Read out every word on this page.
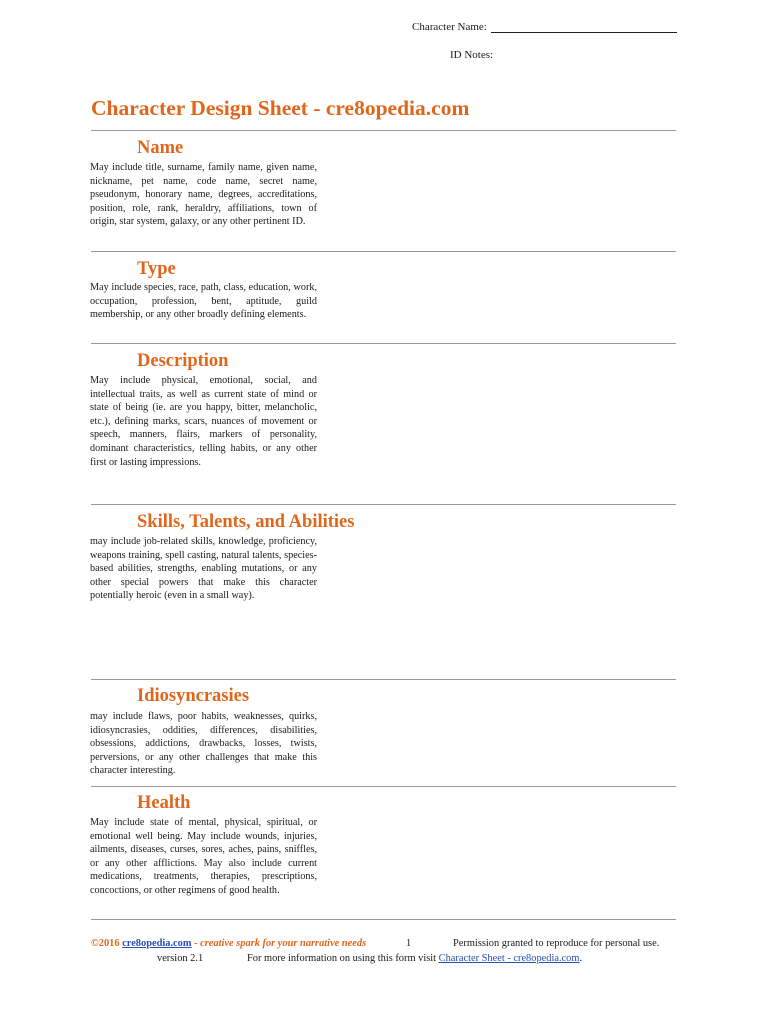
Character Name:
ID Notes:
Character Design Sheet - cre8opedia.com
Name
May include title, surname, family name, given name, nickname, pet name, code name, secret name, pseudonym, honorary name, degrees, accreditations, position, role, rank, heraldry, affiliations, town of origin, star system, galaxy, or any other pertinent ID.
Type
May include species, race, path, class, education, work, occupation, profession, bent, aptitude, guild membership, or any other broadly defining elements.
Description
May include physical, emotional, social, and intellectual traits, as well as current state of mind or state of being (ie. are you happy, bitter, melancholic, etc.), defining marks, scars, nuances of movement or speech, manners, flairs, markers of personality, dominant characteristics, telling habits, or any other first or lasting impressions.
Skills, Talents, and Abilities
may include job-related skills, knowledge, proficiency, weapons training, spell casting, natural talents, species-based abilities, strengths, enabling mutations, or any other special powers that make this character potentially heroic (even in a small way).
Idiosyncrasies
may include flaws, poor habits, weaknesses, quirks, idiosyncrasies, oddities, differences, disabilities, obsessions, addictions, drawbacks, losses, twists, perversions, or any other challenges that make this character interesting.
Health
May include state of mental, physical, spiritual, or emotional well being. May include wounds, injuries, ailments, diseases, curses, sores, aches, pains, sniffles, or any other afflictions. May also include current medications, treatments, therapies, prescriptions, concoctions, or other regimens of good health.
©2016 cre8opedia.com - creative spark for your narrative needs	1	Permission granted to reproduce for personal use.
version 2.1	For more information on using this form visit Character Sheet - cre8opedia.com.
